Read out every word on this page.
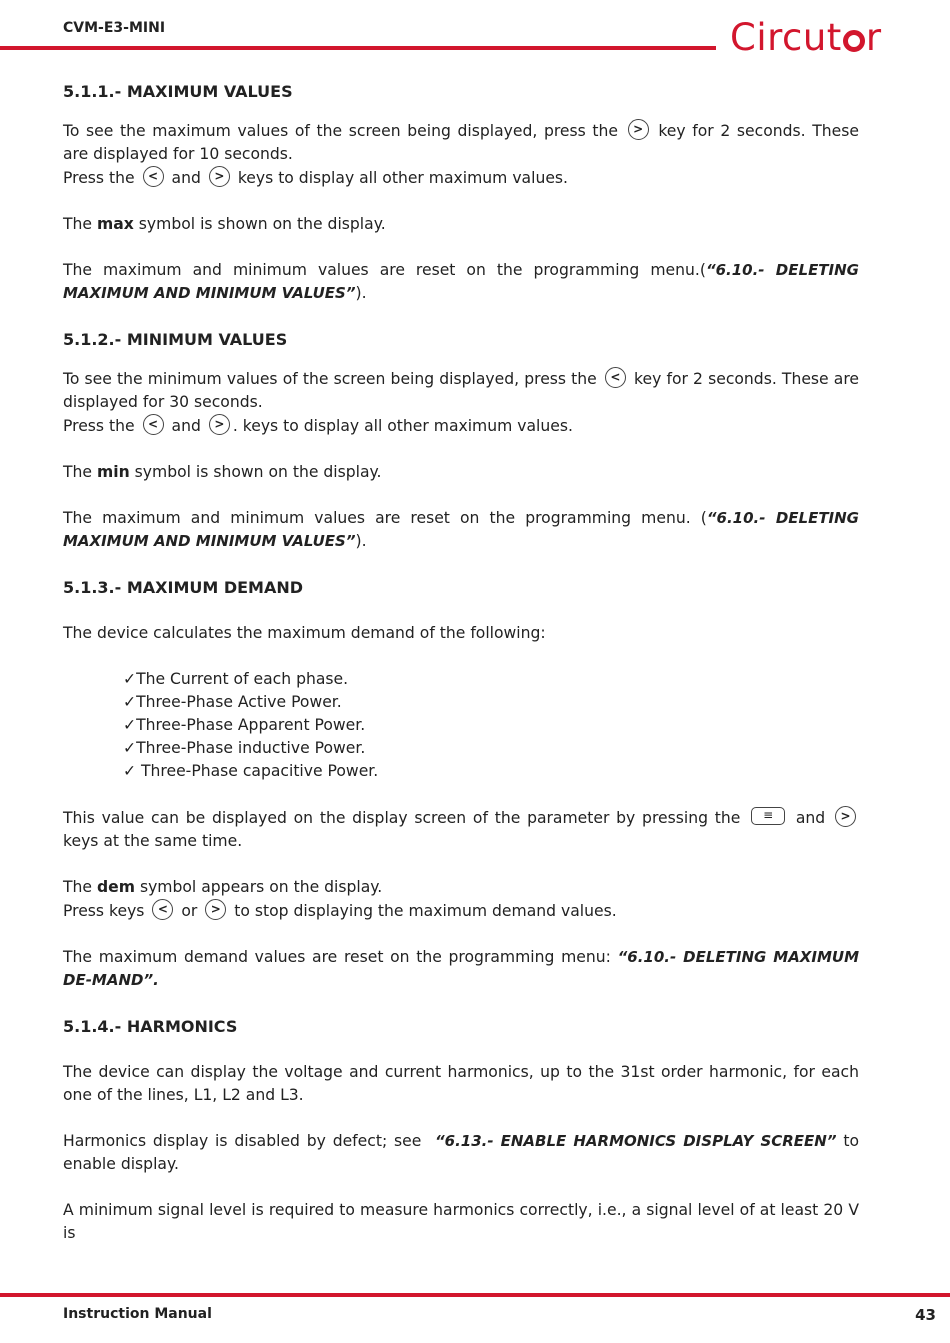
CVM-E3-MINI	Circut r
5.1.1.- MAXIMUM VALUES
To see the maximum values of the screen being displayed, press the > key for 2 seconds. These are displayed for 10 seconds.
Press the < and > keys to display all other maximum values.
The max symbol is shown on the display.
The maximum and minimum values are reset on the programming menu.(“6.10.- DELETING MAXIMUM AND MINIMUM VALUES”).
5.1.2.- MINIMUM VALUES
To see the minimum values of the screen being displayed, press the < key for 2 seconds. These are displayed for 30 seconds.
Press the < and > . keys to display all other maximum values.
The min symbol is shown on the display.
The maximum and minimum values are reset on the programming menu. (“6.10.- DELETING MAXIMUM AND MINIMUM VALUES”).
5.1.3.- MAXIMUM DEMAND
The device calculates the maximum demand of the following:
✓The Current of each phase.
✓Three-Phase Active Power.
✓Three-Phase Apparent Power.
✓Three-Phase inductive Power.
✓ Three-Phase capacitive Power.
This value can be displayed on the display screen of the parameter by pressing the ≡ and > keys at the same time.
The dem symbol appears on the display.
Press keys < or > to stop displaying the maximum demand values.
The maximum demand values are reset on the programming menu: “6.10.- DELETING MAXIMUM DE-MAND”.
5.1.4.- HARMONICS
The device can display the voltage and current harmonics, up to the 31st order harmonic, for each one of the lines, L1, L2 and L3.
Harmonics display is disabled by defect; see “6.13.- ENABLE HARMONICS DISPLAY SCREEN” to enable display.
A minimum signal level is required to measure harmonics correctly, i.e., a signal level of at least 20 V is
Instruction Manual	43
